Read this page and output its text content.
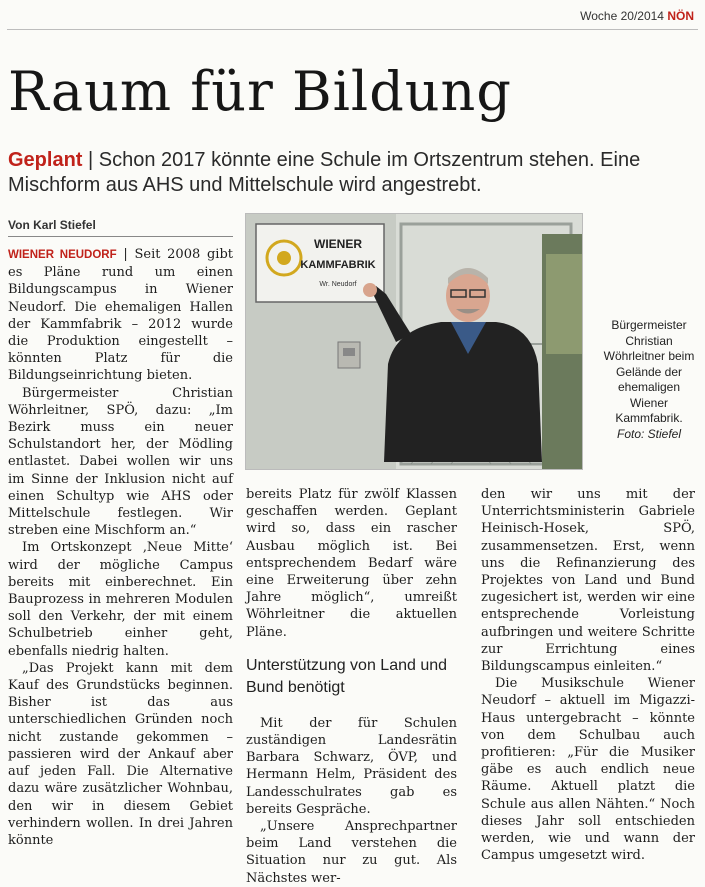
Woche 20/2014 NÖN
Raum für Bildung
Geplant | Schon 2017 könnte eine Schule im Ortszentrum stehen. Eine Mischform aus AHS und Mittelschule wird angestrebt.
Von Karl Stiefel

WIENER NEUDORF | Seit 2008 gibt es Pläne rund um einen Bildungscampus in Wiener Neudorf. Die ehemaligen Hallen der Kammfabrik – 2012 wurde die Produktion eingestellt – könnten Platz für die Bildungseinrichtung bieten.

Bürgermeister Christian Wöhrleitner, SPÖ, dazu: „Im Bezirk muss ein neuer Schulstandort her, der Mödling entlastet. Dabei wollen wir uns im Sinne der Inklusion nicht auf einen Schultyp wie AHS oder Mittelschule festlegen. Wir streben eine Mischform an.“

Im Ortskonzept ‚Neue Mitte‘ wird der mögliche Campus bereits mit einberechnet. Ein Bauprozess in mehreren Modulen soll den Verkehr, der mit einem Schulbetrieb einher geht, ebenfalls niedrig halten.

„Das Projekt kann mit dem Kauf des Grundstücks beginnen. Bisher ist das aus unterschiedlichen Gründen noch nicht zustande gekommen – passieren wird der Ankauf aber auf jeden Fall. Die Alternative dazu wäre zusätzlicher Wohnbau, den wir in diesem Gebiet verhindern wollen. In drei Jahren könnte

WIENER
KAMMFABRIK
Wr. Neudorf
Bürgermeister Christian Wöhrleitner beim Gelände der ehemaligen Wiener Kammfabrik.
Foto: Stiefel

bereits Platz für zwölf Klassen geschaffen werden. Geplant wird so, dass ein rascher Ausbau möglich ist. Bei entsprechendem Bedarf wäre eine Erweiterung über zehn Jahre möglich“, umreißt Wöhrleitner die aktuellen Pläne.

Unterstützung von Land und Bund benötigt

Mit der für Schulen zuständigen Landesrätin Barbara Schwarz, ÖVP, und Hermann Helm, Präsident des Landesschulrates gab es bereits Gespräche.

„Unsere Ansprechpartner beim Land verstehen die Situation nur zu gut. Als Nächstes wer-

den wir uns mit der Unterrichtsministerin Gabriele Heinisch-Hosek, SPÖ, zusammensetzen. Erst, wenn uns die Refinanzierung des Projektes von Land und Bund zugesichert ist, werden wir eine entsprechende Vorleistung aufbringen und weitere Schritte zur Errichtung eines Bildungscampus einleiten.“

Die Musikschule Wiener Neudorf – aktuell im Migazzi-Haus untergebracht – könnte von dem Schulbau auch profitieren: „Für die Musiker gäbe es auch endlich neue Räume. Aktuell platzt die Schule aus allen Nähten.“ Noch dieses Jahr soll entschieden werden, wie und wann der Campus umgesetzt wird.
